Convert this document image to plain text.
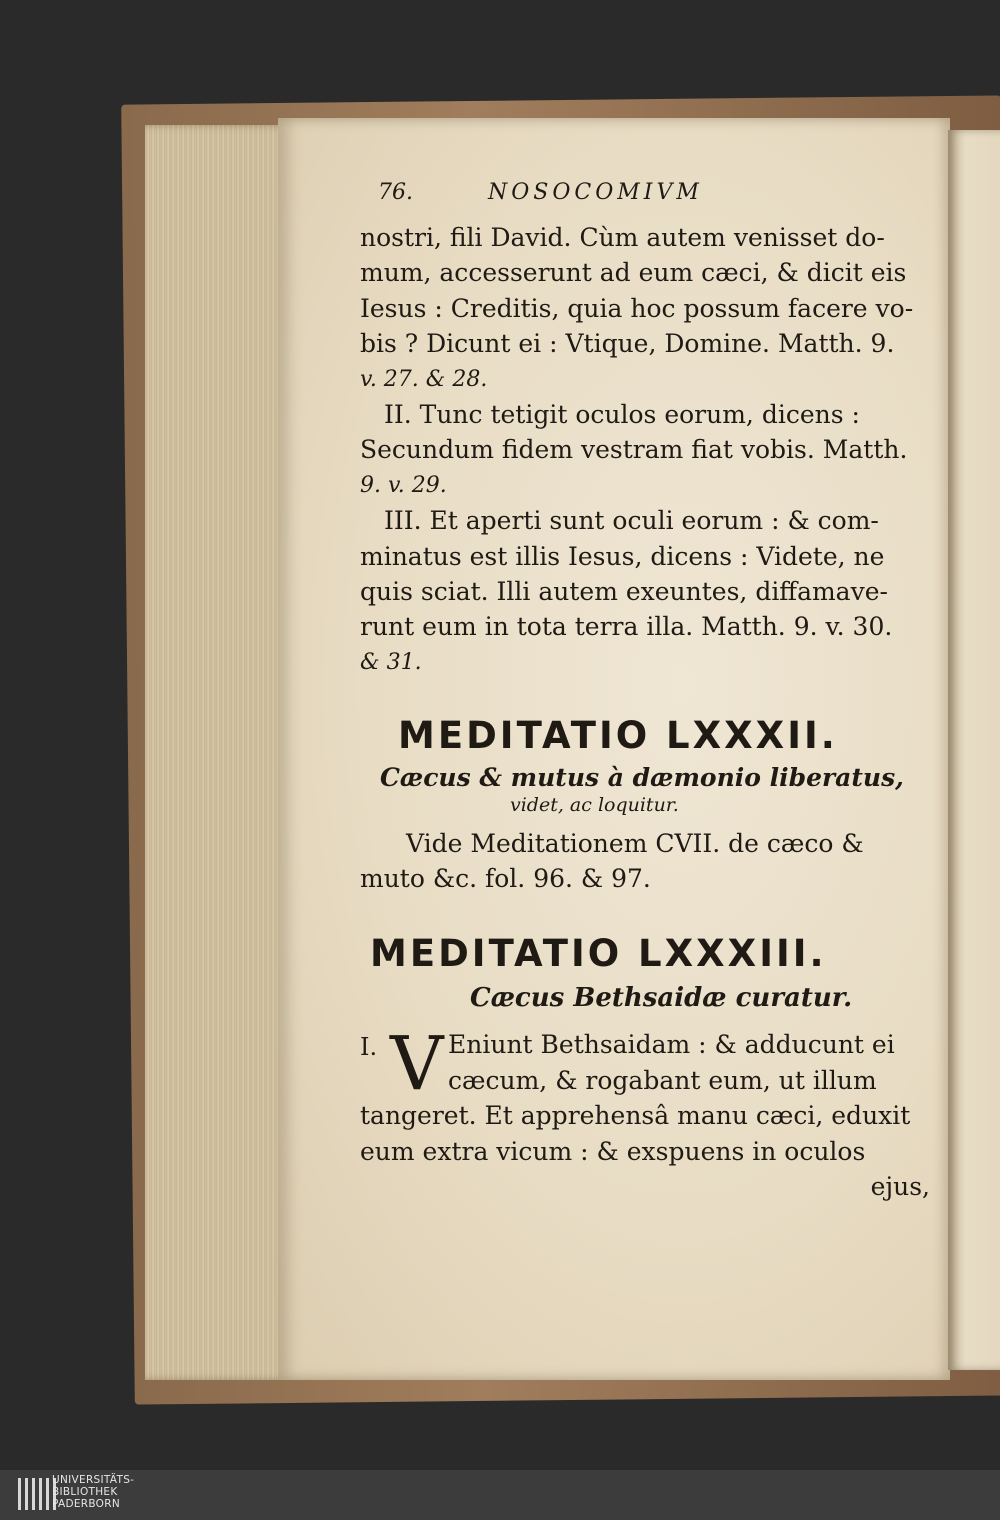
76.	NOSOCOMIVM
nostri, fili David. Cùm autem venisset do-
mum, accesserunt ad eum cæci, & dicit eis
Iesus : Creditis, quia hoc possum facere vo-
bis ? Dicunt ei : Vtique, Domine. Matth. 9.
v. 27. & 28.
II. Tunc tetigit oculos eorum, dicens :
Secundum fidem vestram fiat vobis. Matth.
9. v. 29.
III. Et aperti sunt oculi eorum : & com-
minatus est illis Iesus, dicens : Videte, ne
quis sciat. Illi autem exeuntes, diffamave-
runt eum in tota terra illa. Matth. 9. v. 30.
& 31.
MEDITATIO LXXXII.
Cæcus & mutus à dæmonio liberatus,
videt, ac loquitur.
Vide Meditationem CVII. de cæco &
muto &c. fol. 96. & 97.
MEDITATIO LXXXIII.
Cæcus Bethsaidæ curatur.
I. V Eniunt Bethsaidam : & adducunt ei
cæcum, & rogabant eum, ut illum
tangeret. Et apprehensâ manu cæci, eduxit
eum extra vicum : & exspuens in oculos
ejus,
UNIVERSITÄTS-
BIBLIOTHEK
PADERBORN
